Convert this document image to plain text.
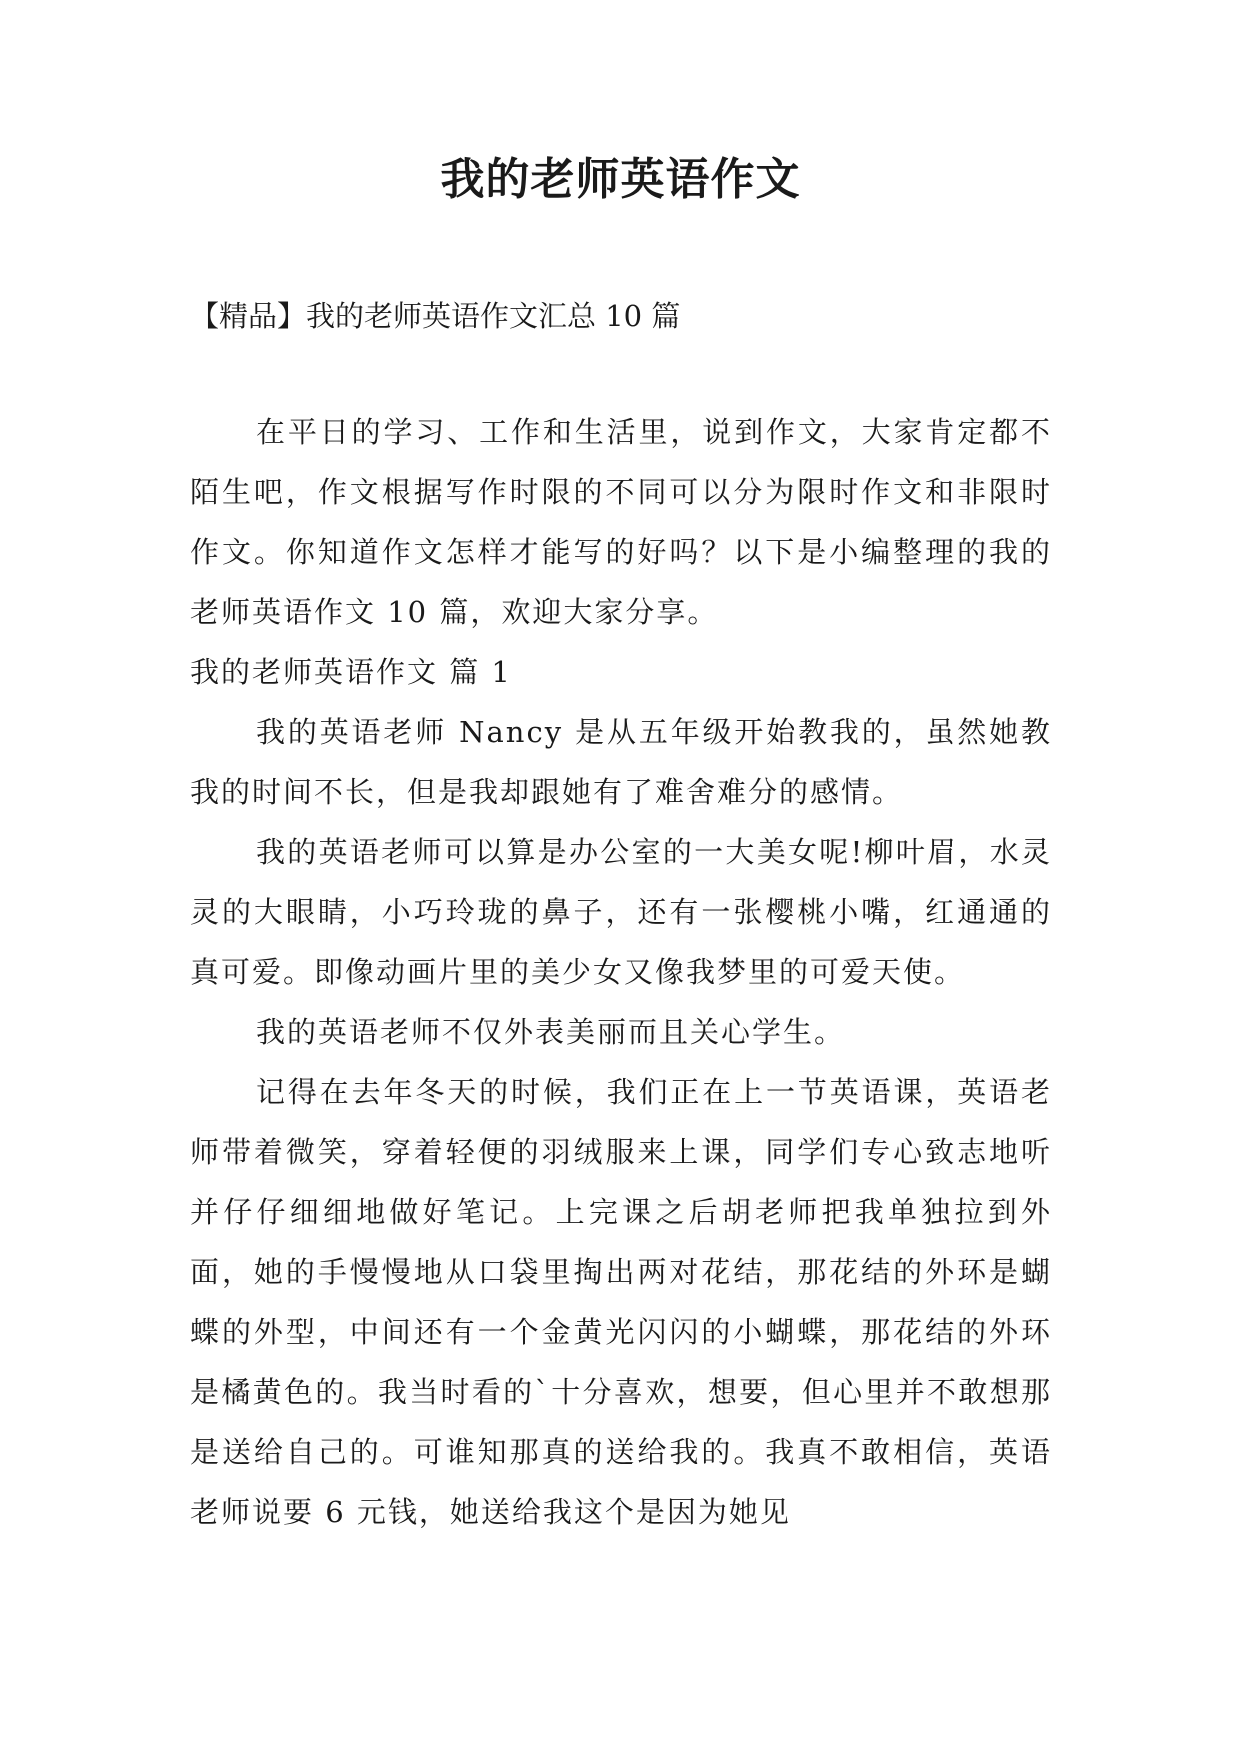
我的老师英语作文
【精品】我的老师英语作文汇总 10 篇

在平日的学习、工作和生活里，说到作文，大家肯定都不陌生吧，作文根据写作时限的不同可以分为限时作文和非限时作文。你知道作文怎样才能写的好吗？以下是小编整理的我的老师英语作文 10 篇，欢迎大家分享。

我的老师英语作文 篇 1

我的英语老师 Nancy 是从五年级开始教我的，虽然她教我的时间不长，但是我却跟她有了难舍难分的感情。

我的英语老师可以算是办公室的一大美女呢!柳叶眉，水灵灵的大眼睛，小巧玲珑的鼻子，还有一张樱桃小嘴，红通通的真可爱。即像动画片里的美少女又像我梦里的可爱天使。

我的英语老师不仅外表美丽而且关心学生。

记得在去年冬天的时候，我们正在上一节英语课，英语老师带着微笑，穿着轻便的羽绒服来上课，同学们专心致志地听并仔仔细细地做好笔记。上完课之后胡老师把我单独拉到外面，她的手慢慢地从口袋里掏出两对花结，那花结的外环是蝴蝶的外型，中间还有一个金黄光闪闪的小蝴蝶，那花结的外环是橘黄色的。我当时看的`十分喜欢，想要，但心里并不敢想那是送给自己的。可谁知那真的送给我的。我真不敢相信，英语老师说要 6 元钱，她送给我这个是因为她见
